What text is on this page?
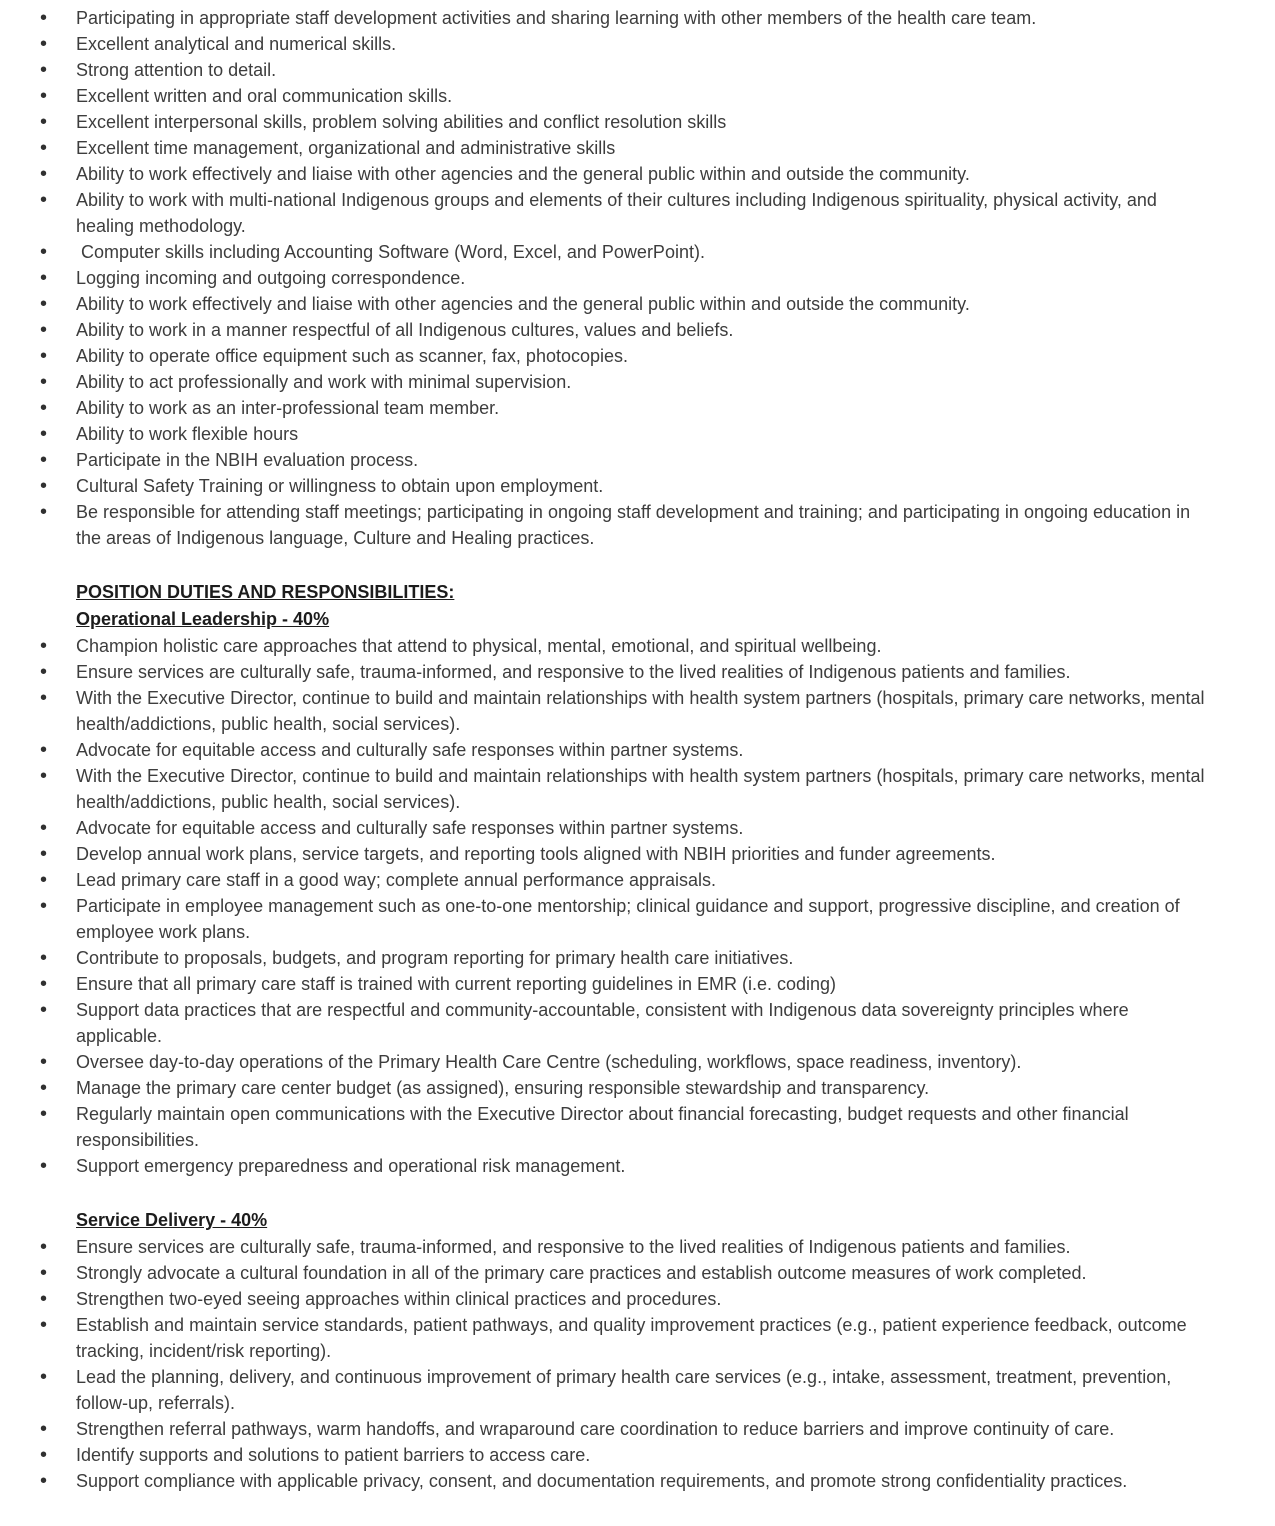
• Participating in appropriate staff development activities and sharing learning with other members of the health care team.
• Excellent analytical and numerical skills.
• Strong attention to detail.
• Excellent written and oral communication skills.
• Excellent interpersonal skills, problem solving abilities and conflict resolution skills
• Excellent time management, organizational and administrative skills
• Ability to work effectively and liaise with other agencies and the general public within and outside the community.
• Ability to work with multi-national Indigenous groups and elements of their cultures including Indigenous spirituality, physical activity, and healing methodology.
•  Computer skills including Accounting Software (Word, Excel, and PowerPoint).
• Logging incoming and outgoing correspondence.
• Ability to work effectively and liaise with other agencies and the general public within and outside the community.
• Ability to work in a manner respectful of all Indigenous cultures, values and beliefs.
• Ability to operate office equipment such as scanner, fax, photocopies.
• Ability to act professionally and work with minimal supervision.
• Ability to work as an inter-professional team member.
• Ability to work flexible hours
• Participate in the NBIH evaluation process.
• Cultural Safety Training or willingness to obtain upon employment.
• Be responsible for attending staff meetings; participating in ongoing staff development and training; and participating in ongoing education in the areas of Indigenous language, Culture and Healing practices.

POSITION DUTIES AND RESPONSIBILITIES:

Operational Leadership - 40%

• Champion holistic care approaches that attend to physical, mental, emotional, and spiritual wellbeing.
• Ensure services are culturally safe, trauma-informed, and responsive to the lived realities of Indigenous patients and families.
• With the Executive Director, continue to build and maintain relationships with health system partners (hospitals, primary care networks, mental health/addictions, public health, social services).
• Advocate for equitable access and culturally safe responses within partner systems.
• With the Executive Director, continue to build and maintain relationships with health system partners (hospitals, primary care networks, mental health/addictions, public health, social services).
• Advocate for equitable access and culturally safe responses within partner systems.
• Develop annual work plans, service targets, and reporting tools aligned with NBIH priorities and funder agreements.
• Lead primary care staff in a good way; complete annual performance appraisals.
• Participate in employee management such as one-to-one mentorship; clinical guidance and support, progressive discipline, and creation of employee work plans.
• Contribute to proposals, budgets, and program reporting for primary health care initiatives.
• Ensure that all primary care staff is trained with current reporting guidelines in EMR (i.e. coding)
• Support data practices that are respectful and community-accountable, consistent with Indigenous data sovereignty principles where applicable.
• Oversee day-to-day operations of the Primary Health Care Centre (scheduling, workflows, space readiness, inventory).
• Manage the primary care center budget (as assigned), ensuring responsible stewardship and transparency.
• Regularly maintain open communications with the Executive Director about financial forecasting, budget requests and other financial responsibilities.
• Support emergency preparedness and operational risk management.

Service Delivery - 40%

• Ensure services are culturally safe, trauma-informed, and responsive to the lived realities of Indigenous patients and families.
• Strongly advocate a cultural foundation in all of the primary care practices and establish outcome measures of work completed.
• Strengthen two-eyed seeing approaches within clinical practices and procedures.
• Establish and maintain service standards, patient pathways, and quality improvement practices (e.g., patient experience feedback, outcome tracking, incident/risk reporting).
• Lead the planning, delivery, and continuous improvement of primary health care services (e.g., intake, assessment, treatment, prevention, follow-up, referrals).
• Strengthen referral pathways, warm handoffs, and wraparound care coordination to reduce barriers and improve continuity of care.
• Identify supports and solutions to patient barriers to access care.
• Support compliance with applicable privacy, consent, and documentation requirements, and promote strong confidentiality practices.
